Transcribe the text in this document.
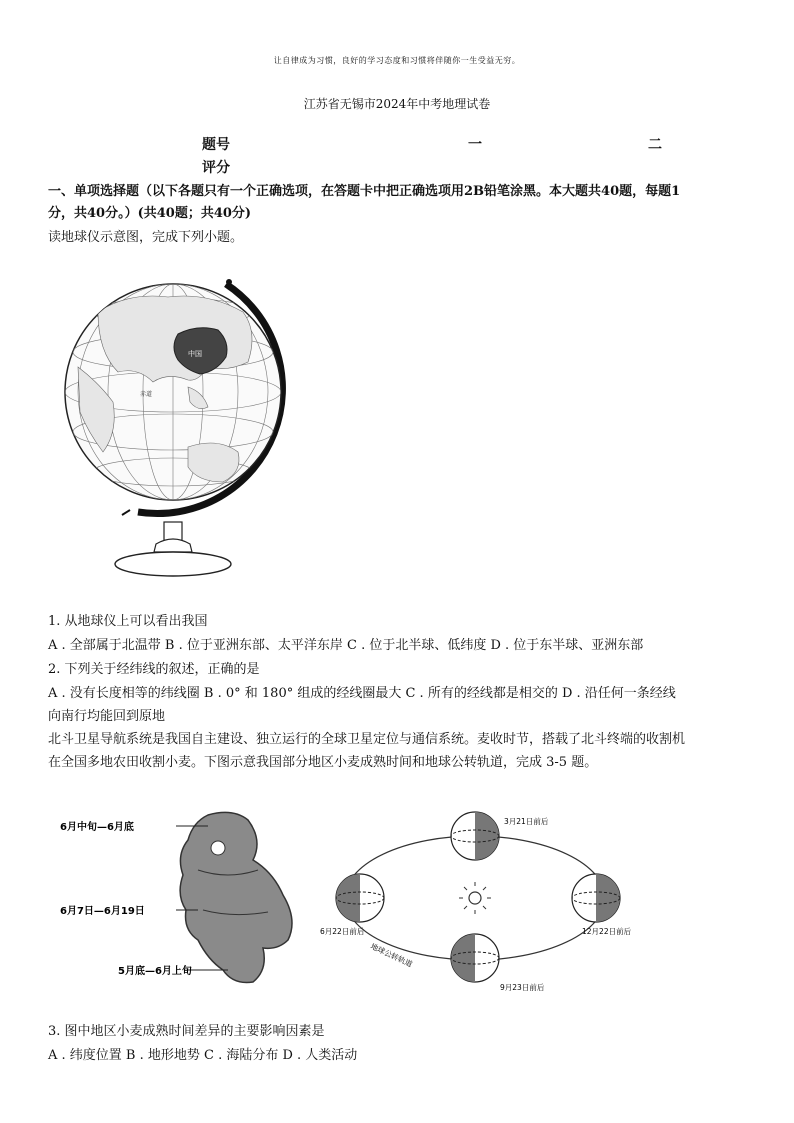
让自律成为习惯，良好的学习态度和习惯将伴随你一生受益无穷。
江苏省无锡市2024年中考地理试卷
题号	一	二
评分
一、单项选择题（以下各题只有一个正确选项，在答题卡中把正确选项用2B铅笔涂黑。本大题共40题，每题1
分，共40分。）(共40题；共40分)
读地球仪示意图，完成下列小题。
中国
赤道
1. 从地球仪上可以看出我国
A . 全部属于北温带 B . 位于亚洲东部、太平洋东岸 C . 位于北半球、低纬度 D . 位于东半球、亚洲东部
2. 下列关于经纬线的叙述，正确的是
A . 没有长度相等的纬线圈 B . 0° 和 180° 组成的经线圈最大 C . 所有的经线都是相交的 D . 沿任何一条经线
向南行均能回到原地
北斗卫星导航系统是我国自主建设、独立运行的全球卫星定位与通信系统。麦收时节，搭载了北斗终端的收割机
在全国多地农田收割小麦。下图示意我国部分地区小麦成熟时间和地球公转轨道，完成 3-5 题。
6月中旬—6月底
6月7日—6月19日
5月底—6月上旬
3月21日前后
6月22日前后	12月22日前后
9月23日前后
地球公转轨道
3. 图中地区小麦成熟时间差异的主要影响因素是
A . 纬度位置 B . 地形地势 C . 海陆分布 D . 人类活动
